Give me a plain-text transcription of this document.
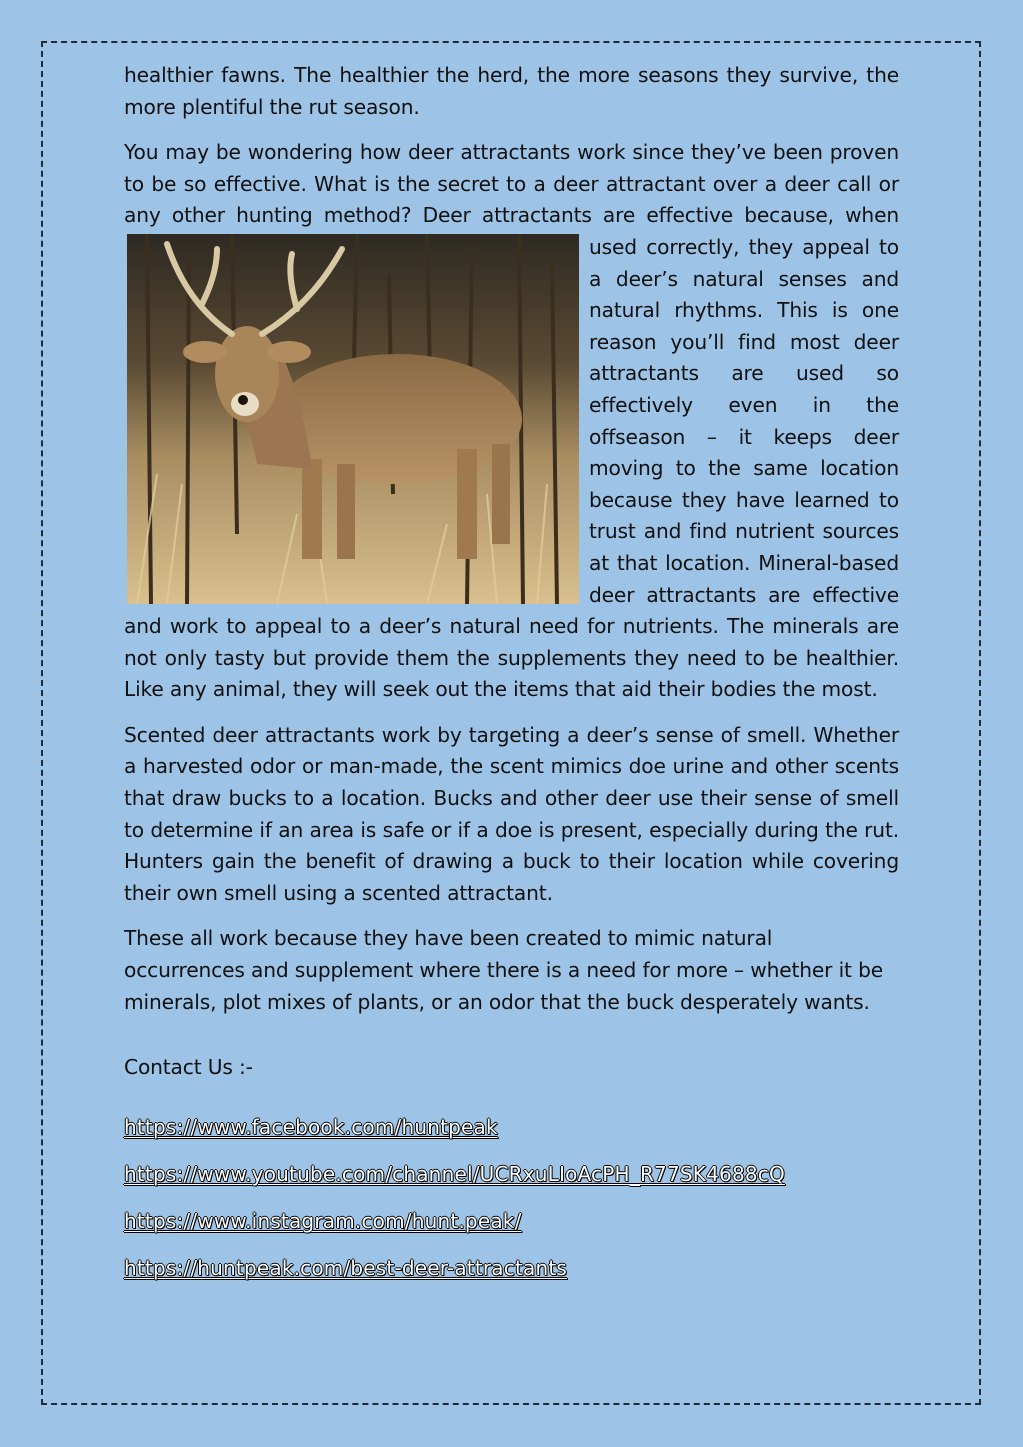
healthier fawns. The healthier the herd, the more seasons they survive, the more plentiful the rut season.

You may be wondering how deer attractants work since they’ve been proven to be so effective. What is the secret to a deer attractant over a deer call or any other hunting method? Deer attractants are effective because, when used
correctly, they appeal to a deer’s natural senses and natural rhythms. This is one reason you’ll find most deer attractants are used so effectively even in the offseason – it keeps deer moving to the same location because they have learned to trust and find nutrient sources at that location. Mineral-based deer attractants are effective and work to appeal to a deer’s natural need for nutrients. The minerals are not only tasty but provide them the supplements they need to be healthier. Like any animal, they will seek out the items that aid their bodies the most.

Scented deer attractants work by targeting a deer’s sense of smell. Whether a harvested odor or man-made, the scent mimics doe urine and other scents that draw bucks to a location. Bucks and other deer use their sense of smell to determine if an area is safe or if a doe is present, especially during the rut. Hunters gain the benefit of drawing a buck to their location while covering their own smell using a scented attractant.

These all work because they have been created to mimic natural occurrences and supplement where there is a need for more – whether it be minerals, plot mixes of plants, or an odor that the buck desperately wants.

Contact Us :-
https://www.facebook.com/huntpeak
https://www.youtube.com/channel/UCRxuLIoAcPH_R77SK4688cQ
https://www.instagram.com/hunt.peak/
https://huntpeak.com/best-deer-attractants
